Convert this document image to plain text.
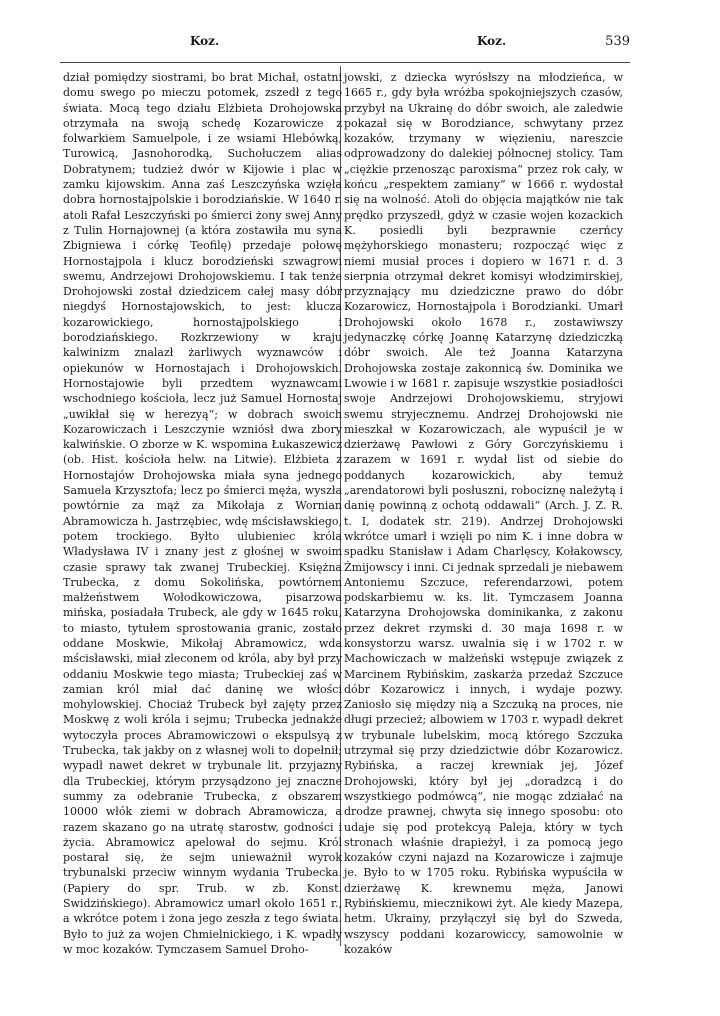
Koz.	Koz.	539

dział pomiędzy siostrami, bo brat Michał, ostatni domu swego po mieczu potomek, zszedł z tego świata. Mocą tego działu Elżbieta Drohojowska otrzymała na swoją schedę Kozarowicze z folwarkiem Samuelpole, i ze wsiami Hlebówką, Turowicą, Jasnohorodką, Suchołuczem alias Dobratynem; tudzież dwór w Kijowie i plac w zamku kijowskim. Anna zaś Leszczyńska wzięła dobra hornostajpolskie i borodziańskie. W 1640 r. atoli Rafał Leszczyński po śmierci żony swej Anny z Tulin Hornajownej (a która zostawiła mu syna Zbigniewa i córkę Teofilę) przedaje połowę Hornostajpola i klucz borodzieński szwagrowi swemu, Andrzejowi Drohojowskiemu. I tak tenże Drohojowski został dziedzicem całej masy dóbr niegdyś Hornostajowskich, to jest: klucza kozarowickiego, hornostajpolskiego i borodziańskiego. Rozkrzewiony w kraju kalwinizm znalazł żarliwych wyznawców i opiekunów w Hornostajach i Drohojowskich. Hornostajowie byli przedtem wyznawcami wschodniego kościoła, lecz już Samuel Hornostaj „uwikłał się w herezyą“; w dobrach swoich Kozarowiczach i Leszczynie wzniósł dwa zbory kalwińskie. O zborze w K. wspomina Łukaszewicz (ob. Hist. kościoła helw. na Litwie). Elżbieta z Hornostajów Drohojowska miała syna jednego Samuela Krzysztofa; lecz po śmierci męża, wyszła powtórnie za mąż za Mikołaja z Wornian Abramowicza h. Jastrzębiec, wdę mścisławskiego, potem trockiego. Byłto ulubieniec króla Władysława IV i znany jest z głośnej w swoim czasie sprawy tak zwanej Trubeckiej. Księżna Trubecka, z domu Sokolińska, powtórnem małżeństwem Wołodkowiczowa, pisarzowa mińska, posiadała Trubeck, ale gdy w 1645 roku, to miasto, tytułem sprostowania granic, zostało oddane Moskwie, Mikołaj Abramowicz, wda mścisławski, miał zleconem od króla, aby był przy oddaniu Moskwie tego miasta; Trubeckiej zaś w zamian król miał dać daninę we włości mohylowskiej. Chociaż Trubeck był zajęty przez Moskwę z woli króla i sejmu; Trubecka jednakże wytoczyła proces Abramowiczowi o ekspulsyą z Trubecka, tak jakby on z własnej woli to dopełnił; wypadł nawet dekret w trybunale lit. przyjazny dla Trubeckiej, którym przysądzono jej znaczne summy za odebranie Trubecka, z obszarem 10000 włók ziemi w dobrach Abramowicza, a razem skazano go na utratę starostw, godności i życia. Abramowicz apelował do sejmu. Król postarał się, że sejm unieważnił wyrok trybunalski przeciw winnym wydania Trubecka. (Papiery do spr. Trub. w zb. Konst. Swidzińskiego). Abramowicz umarł około 1651 r., a wkrótce potem i żona jego zeszła z tego świata. Było to już za wojen Chmielnickiego, i K. wpadły w moc kozaków. Tymczasem Samuel Droho-

jowski, z dziecka wyrósłszy na młodzieńca, w 1665 r., gdy była wróżba spokojniejszych czasów, przybył na Ukrainę do dóbr swoich, ale zaledwie pokazał się w Borodziance, schwytany przez kozaków, trzymany w więzieniu, nareszcie odprowadzony do dalekiej północnej stolicy. Tam „ciężkie przenosząc paroxisma“ przez rok cały, w końcu „respektem zamiany“ w 1666 r. wydostał się na wolność. Atoli do objęcia majątków nie tak prędko przyszedł, gdyż w czasie wojen kozackich K. posiedli byli bezprawnie czerńcy mężyhorskiego monasteru; rozpocząć więc z niemi musiał proces i dopiero w 1671 r. d. 3 sierpnia otrzymał dekret komisyi włodzimirskiej, przyznający mu dziedziczne prawo do dóbr Kozarowicz, Hornostajpola i Borodzianki. Umarł Drohojowski około 1678 r., zostawiwszy jedynaczkę córkę Joannę Katarzynę dziedziczką dóbr swoich. Ale też Joanna Katarzyna Drohojowska zostaje zakonnicą św. Dominika we Lwowie i w 1681 r. zapisuje wszystkie posiadłości swoje Andrzejowi Drohojowskiemu, stryjowi swemu stryjecznemu. Andrzej Drohojowski nie mieszkał w Kozarowiczach, ale wypuścił je w dzierżawę Pawłowi z Góry Gorczyńskiemu i zarazem w 1691 r. wydał list od siebie do poddanych kozarowickich, aby temuż „arendatorowi byli posłuszni, robociznę należytą i danię powinną z ochotą oddawali“ (Arch. J. Z. R. t. I, dodatek str. 219). Andrzej Drohojowski wkrótce umarł i wzięli po nim K. i inne dobra w spadku Stanisław i Adam Charlęscy, Kołakowscy, Żmijowscy i inni. Ci jednak sprzedali je niebawem Antoniemu Szczuce, referendarzowi, potem podskarbiemu w. ks. lit. Tymczasem Joanna Katarzyna Drohojowska dominikanka, z zakonu przez dekret rzymski d. 30 maja 1698 r. w konsystorzu warsz. uwalnia się i w 1702 r. w Machowiczach w małżeński wstępuje związek z Marcinem Rybińskim, zaskarża przedaż Szczuce dóbr Kozarowicz i innych, i wydaje pozwy. Zaniosło się między nią a Szczuką na proces, nie długi przecież; albowiem w 1703 r. wypadł dekret w trybunale lubelskim, mocą którego Szczuka utrzymał się przy dziedzictwie dóbr Kozarowicz. Rybińska, a raczej krewniak jej, Józef Drohojowski, który był jej „doradzcą i do wszystkiego podmówcą“, nie mogąc zdziałać na drodze prawnej, chwyta się innego sposobu: oto udaje się pod protekcyą Paleja, który w tych stronach właśnie drapieżył, i za pomocą jego kozaków czyni najazd na Kozarowicze i zajmuje je. Było to w 1705 roku. Rybińska wypuściła w dzierżawę K. krewnemu męża, Janowi Rybińskiemu, miecznikowi żyt. Ale kiedy Mazepa, hetm. Ukrainy, przyłączył się był do Szweda, wszyscy poddani kozarowiccy, samowolnie w kozaków
